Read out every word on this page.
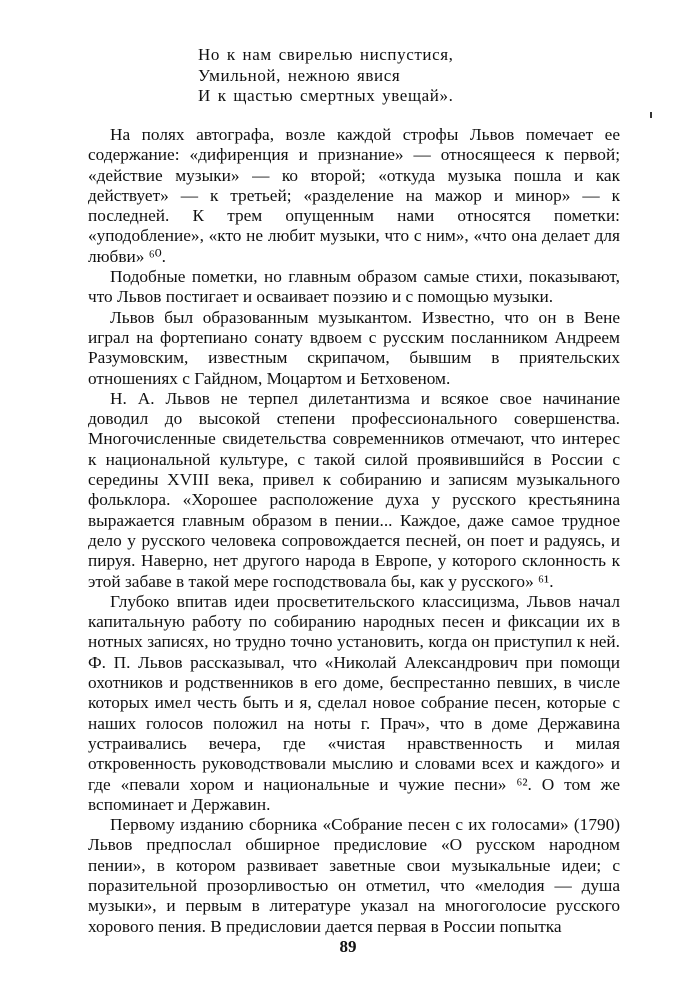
Но к нам свирелью ниспустися,
Умильной, нежною явися
И к щастью смертных увещай».

На полях автографа, возле каждой строфы Львов помечает ее содержание: «дифиренция и признание» — относящееся к первой; «действие музыки» — ко второй; «откуда музыка пошла и как действует» — к третьей; «разделение на мажор и минор» — к последней. К трем опущенным нами относятся пометки: «уподобление», «кто не любит музыки, что с ним», «что она делает для любви» ⁶⁰.

Подобные пометки, но главным образом самые стихи, показывают, что Львов постигает и осваивает поэзию и с помощью музыки.

Львов был образованным музыкантом. Известно, что он в Вене играл на фортепиано сонату вдвоем с русским посланником Андреем Разумовским, известным скрипачом, бывшим в приятельских отношениях с Гайдном, Моцартом и Бетховеном.

Н. А. Львов не терпел дилетантизма и всякое свое начинание доводил до высокой степени профессионального совершенства. Многочисленные свидетельства современников отмечают, что интерес к национальной культуре, с такой силой проявившийся в России с середины XVIII века, привел к собиранию и записям музыкального фольклора. «Хорошее расположение духа у русского крестьянина выражается главным образом в пении... Каждое, даже самое трудное дело у русского человека сопровождается песней, он поет и радуясь, и пируя. Наверно, нет другого народа в Европе, у которого склонность к этой забаве в такой мере господствовала бы, как у русского» ⁶¹.

Глубоко впитав идеи просветительского классицизма, Львов начал капитальную работу по собиранию народных песен и фиксации их в нотных записях, но трудно точно установить, когда он приступил к ней. Ф. П. Львов рассказывал, что «Николай Александрович при помощи охотников и родственников в его доме, беспрестанно певших, в числе которых имел честь быть и я, сделал новое собрание песен, которые с наших голосов положил на ноты г. Прач», что в доме Державина устраивались вечера, где «чистая нравственность и милая откровенность руководствовали мыслию и словами всех и каждого» и где «певали хором и национальные и чужие песни» ⁶². О том же вспоминает и Державин.

Первому изданию сборника «Собрание песен с их голосами» (1790) Львов предпослал обширное предисловие «О русском народном пении», в котором развивает заветные свои музыкальные идеи; с поразительной прозорливостью он отметил, что «мелодия — душа музыки», и первым в литературе указал на многоголосие русского хорового пения. В предисловии дается первая в России попытка

89
